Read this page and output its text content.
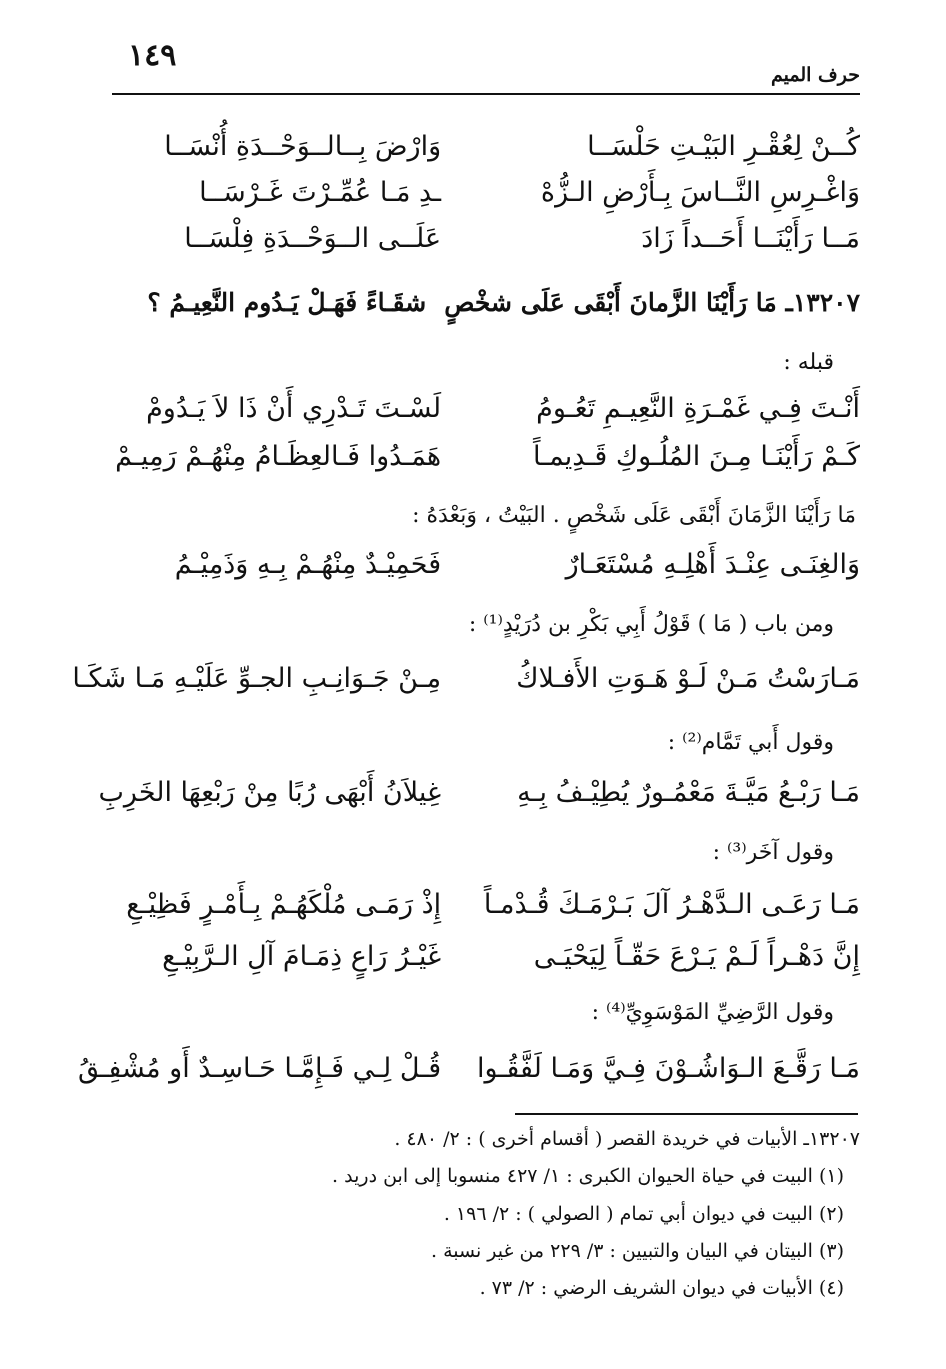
١٤٩
حرف الميم
كُــنْ لِعُقْـرِ البَيْـتِ حَلْسَــا
وَارْضَ بِــالــوَحْــدَةِ أُنْسَــا
وَاغْـرِسِ النَّــاسَ بِـأَرْضِ الـزُّهْ
ـدِ مَـا عُمِّـرْتَ غَـرْسَــا
مَــا رَأَيْنَــا أَحَــداً زَادَ
عَلَــى الــوَحْــدَةِ فِلْسَــا
١٣٢٠٧ـ مَا رَأَيْنَا الزَّمانَ أَبْقَى عَلَى شخْصٍ
شقَـاءً فَهَـلْ يَـدُوم النَّعِيـمُ ؟
قبله :
أَنْـتَ فِـي غَمْـرَةِ النَّعِيـمِ تَعُـومُ
لَسْـتَ تَـدْرِي أَنْ ذَا لاَ يَـدُومْ
كَـمْ رَأَيْنَـا مِـنَ المُلُـوكِ قَـدِيمـاً
هَمَـدُوا فَـالعِظَـامُ مِنْهُـمْ رَمِيـمْ
مَا رَأَيْنَا الزَّمَانَ أَبْقَى عَلَى شَخْصٍ . البَيْتُ ، وَبَعْدَهُ :
وَالغِنَـى عِنْـدَ أَهْلِـهِ مُسْتَعَـارٌ
فَحَمِيْـدٌ مِنْهُـمْ بِـهِ وَذَمِيْـمُ
ومن باب ( مَا ) قَوْلُ أَبِي بَكْرِ بن دُرَيْدٍ⁽¹⁾ :
مَـارَسْتُ مَـنْ لَـوْ هَـوَتِ الأَفـلاكُ
مِـنْ جَـوَانِـبِ الجـوِّ عَلَيْـهِ مَـا شَكَـا
وقول أَبي تَمَّام⁽²⁾ :
مَـا رَبْـعُ مَيَّـةَ مَعْمُـورٌ يُطِيْـفُ بِـهِ
غِيلاَنُ أَبْهَى رُبًا مِنْ رَبْعِهَا الخَرِبِ
وقول آخَر⁽³⁾ :
مَـا رَعَـى الـدَّهْـرُ آلَ بَـرْمَـكَ قُـدْمـاً
إِذْ رَمَـى مُلْكَهُـمْ بِـأَمْـرٍ فَظِيْـعِ
إِنَّ دَهْـراً لَـمْ يَـرْعَ حَقّـاً لِيَحْيَـى
غَيْـرُ رَاعٍ ذِمَـامَ آلِ الـرَّبِيْـعِ
وقول الرَّضِيِّ المَوْسَوِيِّ⁽⁴⁾ :
مَـا رَقَّـعَ الـوَاشُـوْنَ فِـيَّ وَمَـا لَفَّقُـوا
قُـلْ لِـي فَـإِمَّـا حَـاسِـدٌ أَو مُشْفِـقُ
١٣٢٠٧ـ الأبيات في خريدة القصر ( أقسام أخرى ) : ٢/ ٤٨٠ .
(١) البيت في حياة الحيوان الكبرى : ١/ ٤٢٧ منسوبا إلى ابن دريد .
(٢) البيت في ديوان أبي تمام ( الصولي ) : ٢/ ١٩٦ .
(٣) البيتان في البيان والتبيين : ٣/ ٢٢٩ من غير نسبة .
(٤) الأبيات في ديوان الشريف الرضي : ٢/ ٧٣ .
